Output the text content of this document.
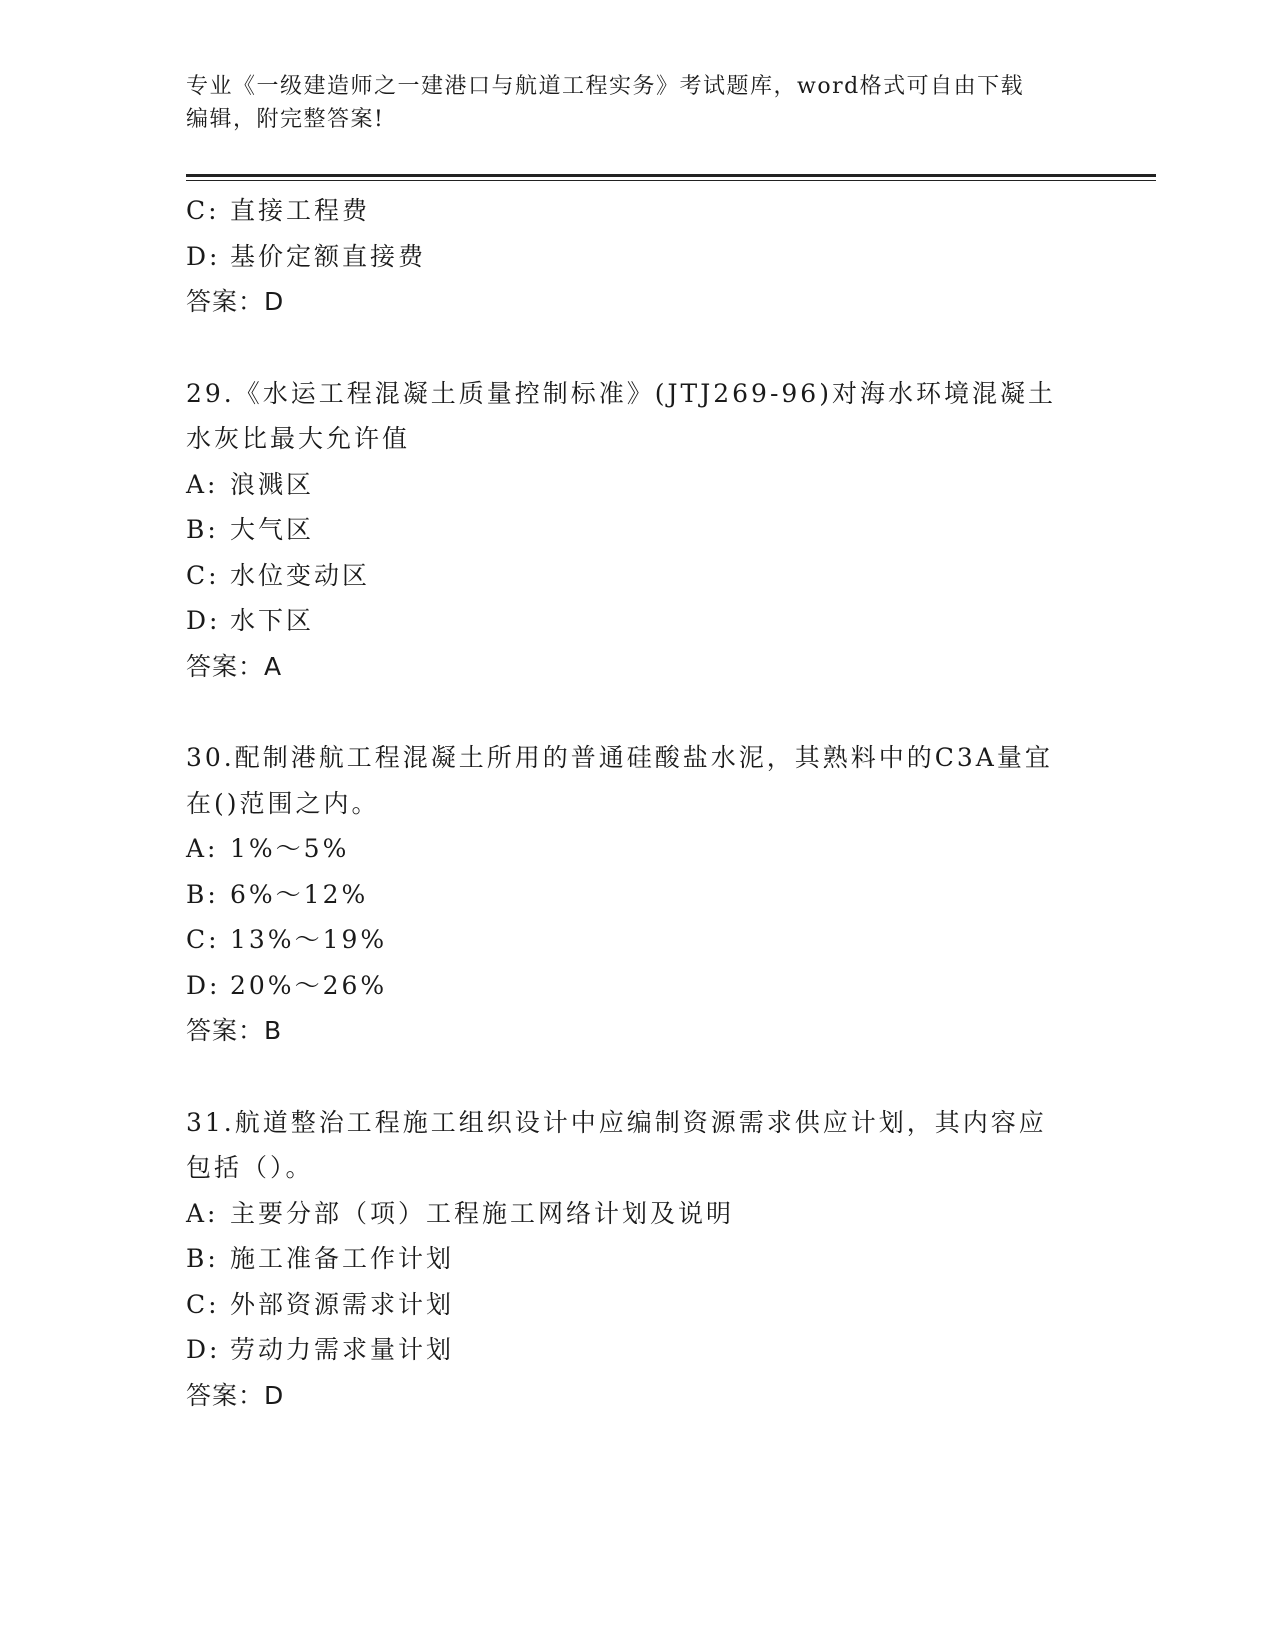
专业《一级建造师之一建港口与航道工程实务》考试题库，word格式可自由下载
编辑，附完整答案!
C: 直接工程费
D: 基价定额直接费
答案：D
29.《水运工程混凝土质量控制标准》(JTJ269-96)对海水环境混凝土
水灰比最大允许值
A: 浪溅区
B: 大气区
C: 水位变动区
D: 水下区
答案：A
30.配制港航工程混凝土所用的普通硅酸盐水泥，其熟料中的C3A量宜
在()范围之内。
A: 1%～5%
B: 6%～12%
C: 13%～19%
D: 20%～26%
答案：B
31.航道整治工程施工组织设计中应编制资源需求供应计划，其内容应
包括（）。
A: 主要分部（项）工程施工网络计划及说明
B: 施工准备工作计划
C: 外部资源需求计划
D: 劳动力需求量计划
答案：D
